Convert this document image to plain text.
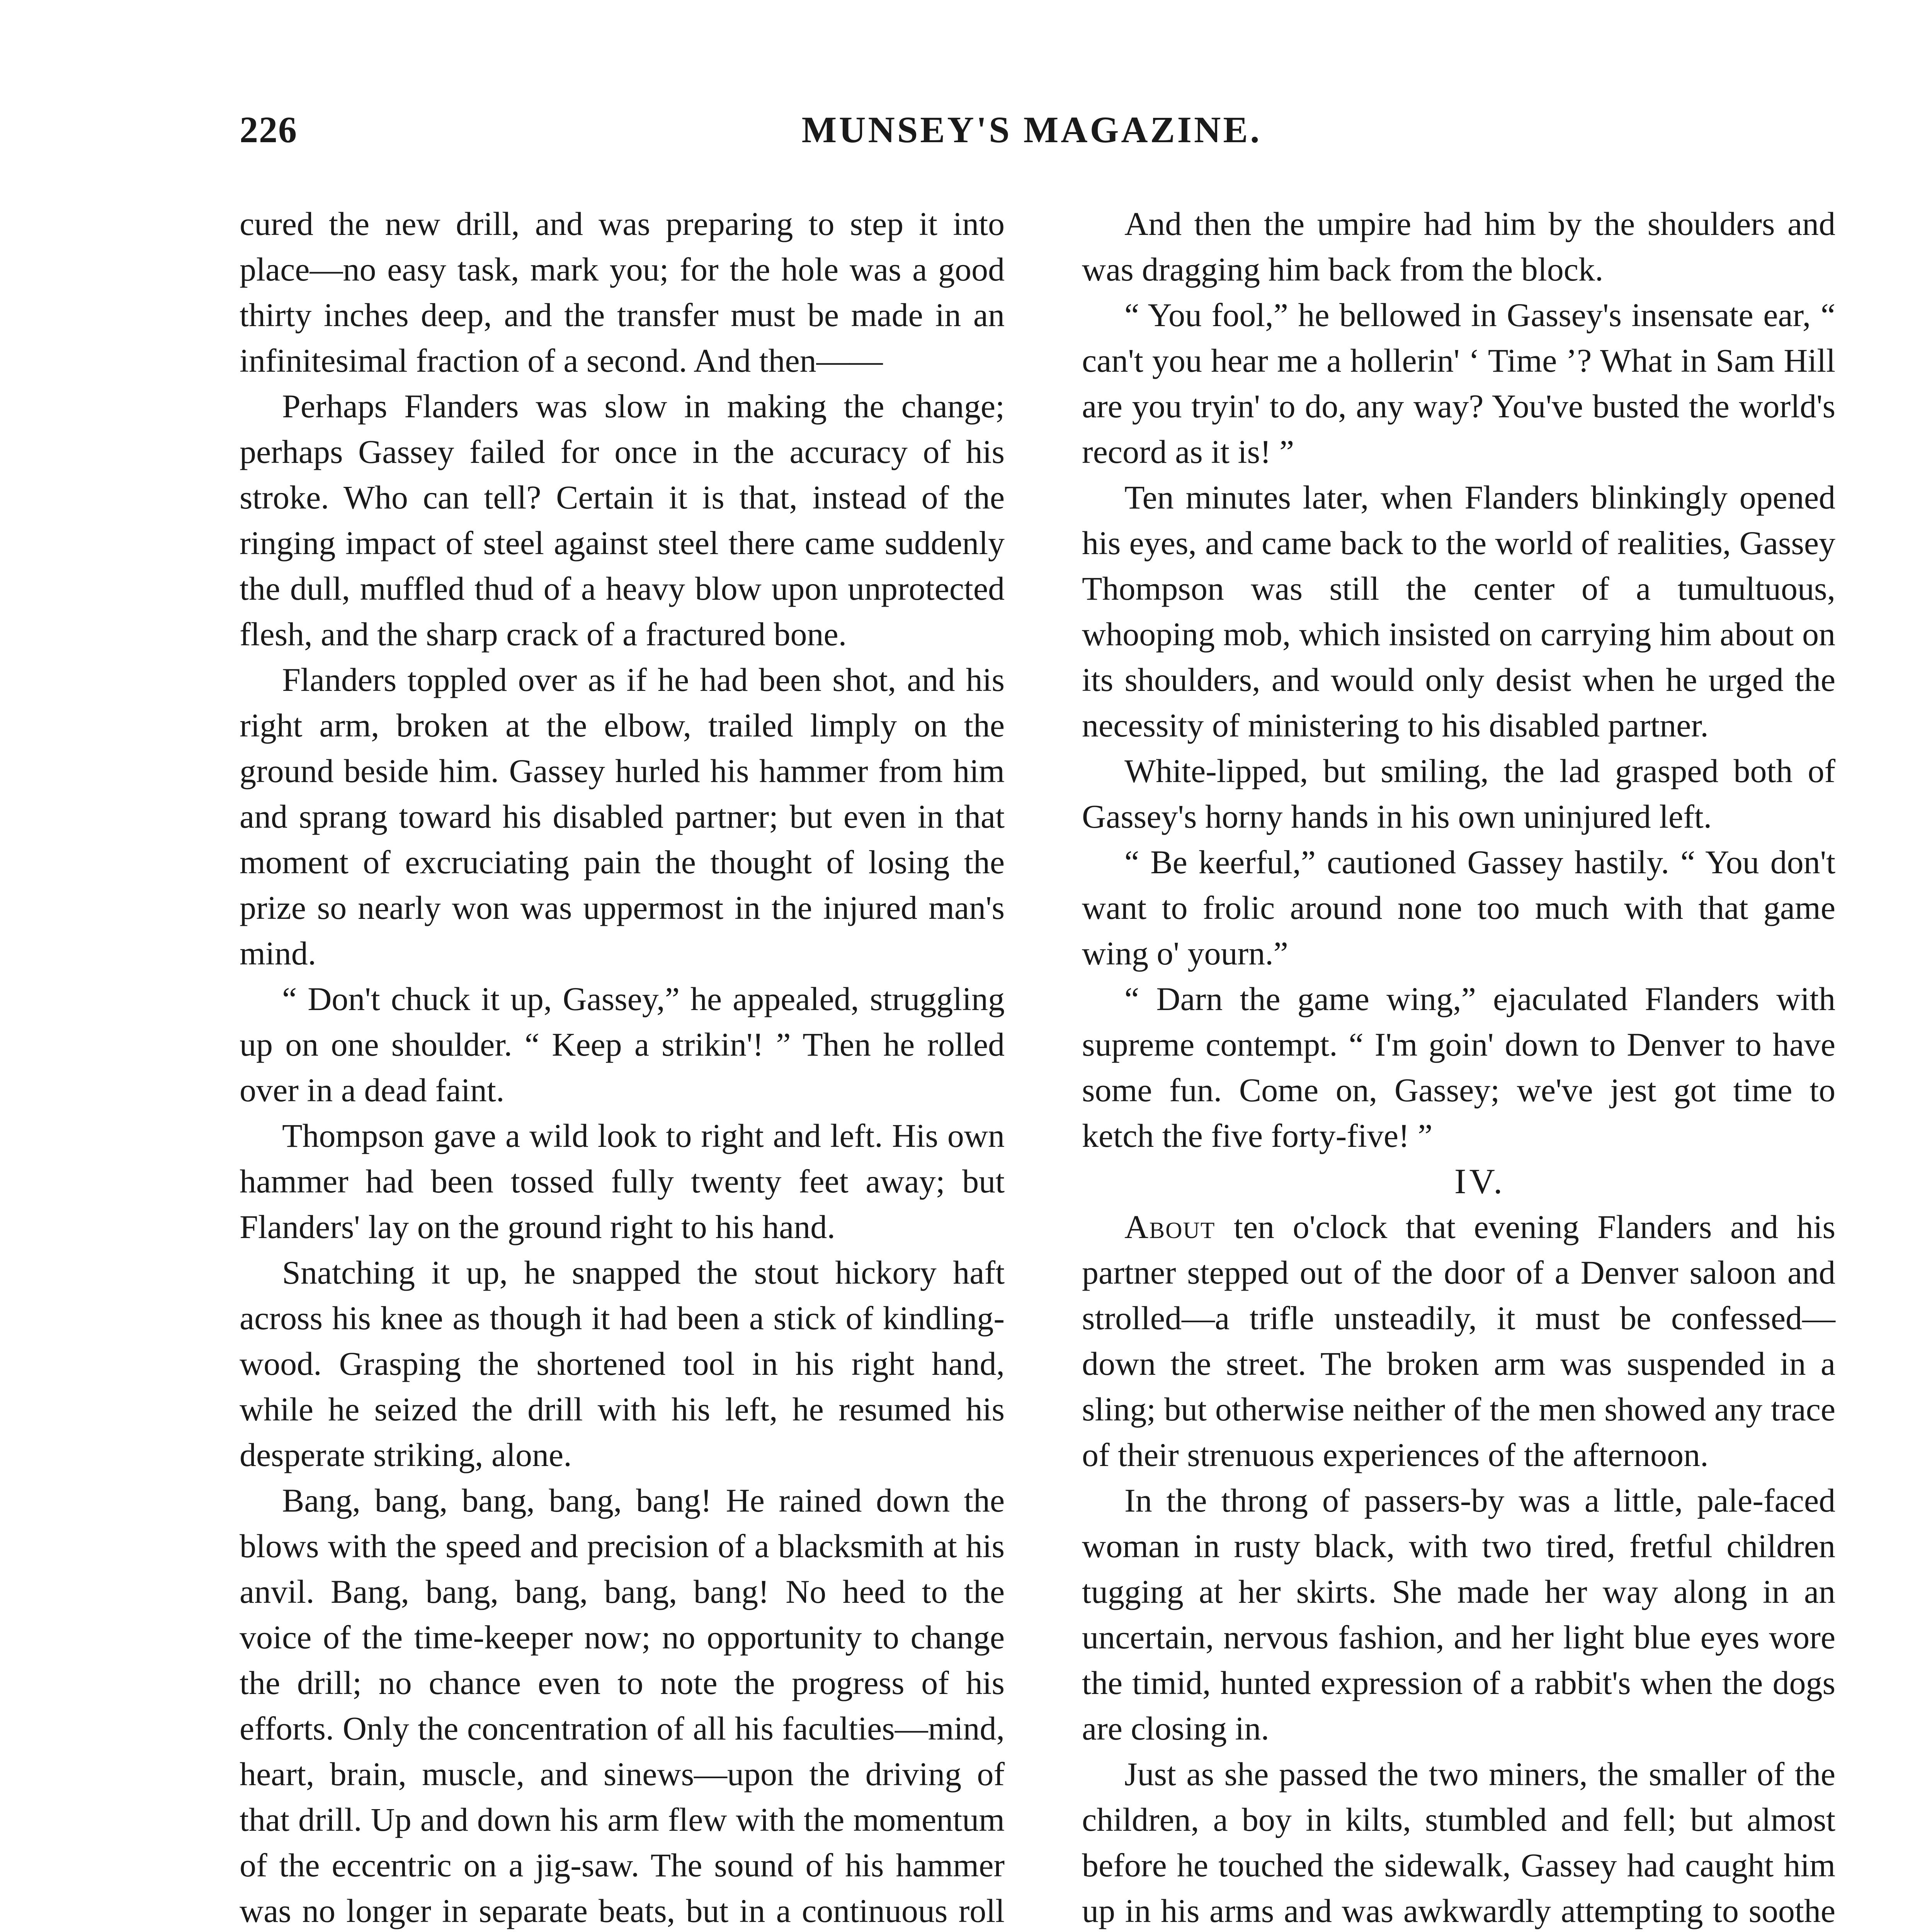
226	MUNSEY'S MAGAZINE.

cured the new drill, and was preparing to step it into place—no easy task, mark you; for the hole was a good thirty inches deep, and the transfer must be made in an infinitesimal fraction of a second. And then——

Perhaps Flanders was slow in making the change; perhaps Gassey failed for once in the accuracy of his stroke. Who can tell? Certain it is that, instead of the ringing impact of steel against steel there came suddenly the dull, muffled thud of a heavy blow upon unprotected flesh, and the sharp crack of a fractured bone.

Flanders toppled over as if he had been shot, and his right arm, broken at the elbow, trailed limply on the ground beside him. Gassey hurled his hammer from him and sprang toward his disabled partner; but even in that moment of excruciating pain the thought of losing the prize so nearly won was uppermost in the injured man's mind.

“ Don't chuck it up, Gassey,” he appealed, struggling up on one shoulder. “ Keep a strikin'! ” Then he rolled over in a dead faint.

Thompson gave a wild look to right and left. His own hammer had been tossed fully twenty feet away; but Flanders' lay on the ground right to his hand.

Snatching it up, he snapped the stout hickory haft across his knee as though it had been a stick of kindling-wood. Grasping the shortened tool in his right hand, while he seized the drill with his left, he resumed his desperate striking, alone.

Bang, bang, bang, bang, bang! He rained down the blows with the speed and precision of a blacksmith at his anvil. Bang, bang, bang, bang, bang! No heed to the voice of the time-keeper now; no opportunity to change the drill; no chance even to note the progress of his efforts. Only the concentration of all his faculties—mind, heart, brain, muscle, and sinews—upon the driving of that drill. Up and down his arm flew with the momentum of the eccentric on a jig-saw. The sound of his hammer was no longer in separate beats, but in a continuous roll

And then the umpire had him by the shoulders and was dragging him back from the block.

“ You fool,” he bellowed in Gassey's insensate ear, “ can't you hear me a hollerin' ‘ Time ’? What in Sam Hill are you tryin' to do, any way? You've busted the world's record as it is! ”

Ten minutes later, when Flanders blinkingly opened his eyes, and came back to the world of realities, Gassey Thompson was still the center of a tumultuous, whooping mob, which insisted on carrying him about on its shoulders, and would only desist when he urged the necessity of ministering to his disabled partner.

White-lipped, but smiling, the lad grasped both of Gassey's horny hands in his own uninjured left.

“ Be keerful,” cautioned Gassey hastily. “ You don't want to frolic around none too much with that game wing o' yourn.”

“ Darn the game wing,” ejaculated Flanders with supreme contempt. “ I'm goin' down to Denver to have some fun. Come on, Gassey; we've jest got time to ketch the five forty-five! ”

IV.

About ten o'clock that evening Flanders and his partner stepped out of the door of a Denver saloon and strolled—a trifle unsteadily, it must be confessed—down the street. The broken arm was suspended in a sling; but otherwise neither of the men showed any trace of their strenuous experiences of the afternoon.

In the throng of passers-by was a little, pale-faced woman in rusty black, with two tired, fretful children tugging at her skirts. She made her way along in an uncertain, nervous fashion, and her light blue eyes wore the timid, hunted expression of a rabbit's when the dogs are closing in.

Just as she passed the two miners, the smaller of the children, a boy in kilts, stumbled and fell; but almost before he touched the sidewalk, Gassey had caught him up in his arms and was awkwardly attempting to soothe
